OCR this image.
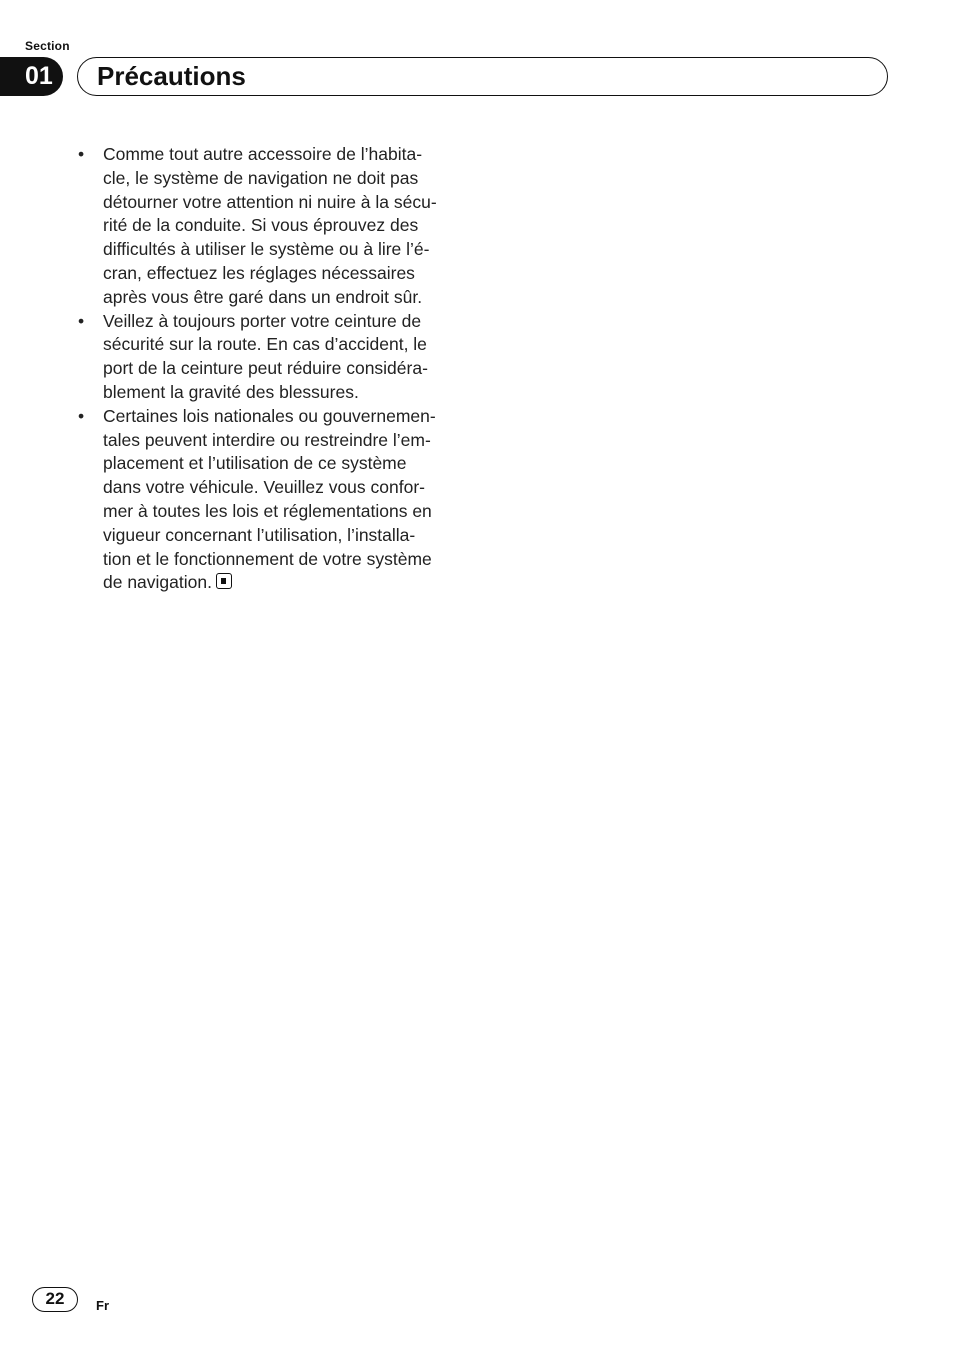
Section
01	Précautions
•	Comme tout autre accessoire de l’habita-
cle, le système de navigation ne doit pas
détourner votre attention ni nuire à la sécu-
rité de la conduite. Si vous éprouvez des
difficultés à utiliser le système ou à lire l’é-
cran, effectuez les réglages nécessaires
après vous être garé dans un endroit sûr.
•	Veillez à toujours porter votre ceinture de
sécurité sur la route. En cas d’accident, le
port de la ceinture peut réduire considéra-
blement la gravité des blessures.
•	Certaines lois nationales ou gouvernemen-
tales peuvent interdire ou restreindre l’em-
placement et l’utilisation de ce système
dans votre véhicule. Veuillez vous confor-
mer à toutes les lois et réglementations en
vigueur concernant l’utilisation, l’installa-
tion et le fonctionnement de votre système
de navigation.
22	Fr
